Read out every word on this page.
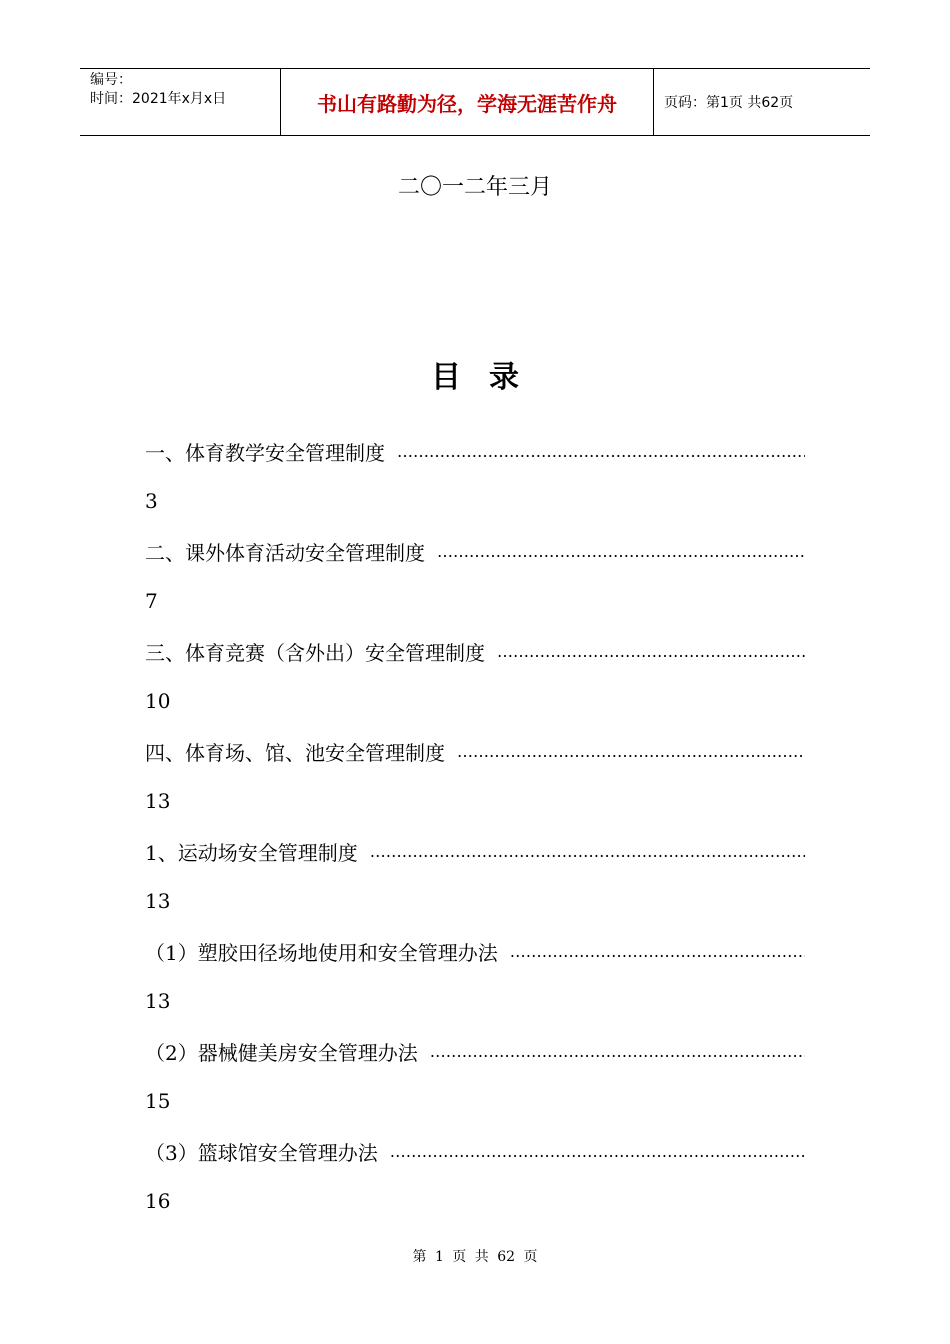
编号：
时间：2021年x月x日	书山有路勤为径，学海无涯苦作舟	页码：第1页 共62页
二〇一二年三月
目录
一、体育教学安全管理制度
……………………………………………………………………………………………………………………
3
二、课外体育活动安全管理制度
……………………………………………………………………………………………………………………
7
三、体育竞赛（含外出）安全管理制度
……………………………………………………………………………………………………………………
10
四、体育场、馆、池安全管理制度
……………………………………………………………………………………………………………………
13
1、运动场安全管理制度
……………………………………………………………………………………………………………………
13
（1）塑胶田径场地使用和安全管理办法
……………………………………………………………………………………………………………………
13
（2）器械健美房安全管理办法
……………………………………………………………………………………………………………………
15
（3）篮球馆安全管理办法
……………………………………………………………………………………………………………………
16
第 1 页 共 62 页
